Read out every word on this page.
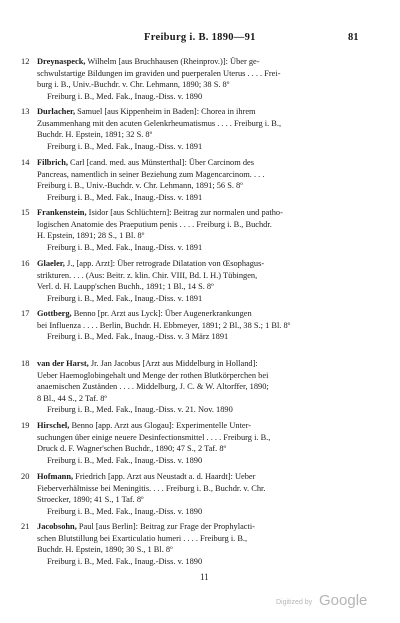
Freiburg i. B. 1890—91	81
12 Dreynaspeck, Wilhelm [aus Bruchhausen (Rheinprov.)]: Über ge-
schwulstartige Bildungen im graviden und puerperalen Uterus . . . . Frei-
burg i. B., Univ.-Buchdr. v. Chr. Lehmann, 1890; 38 S. 8º
Freiburg i. B., Med. Fak., Inaug.-Diss. v. 1890
13 Durlacher, Samuel [aus Kippenheim in Baden]: Chorea in ihrem
Zusammenhang mit den acuten Gelenkrheumatismus . . . . Freiburg i. B.,
Buchdr. H. Epstein, 1891; 32 S. 8º
Freiburg i. B., Med. Fak., Inaug.-Diss. v. 1891
14 Filbrich, Carl [cand. med. aus Münsterthal]: Über Carcinom des
Pancreas, namentlich in seiner Beziehung zum Magencarcinom. . . .
Freiburg i. B., Univ.-Buchdr. v. Chr. Lehmann, 1891; 56 S. 8º
Freiburg i. B., Med. Fak., Inaug.-Diss. v. 1891
15 Frankenstein, Isidor [aus Schlüchtern]: Beitrag zur normalen und patho-
logischen Anatomie des Praeputium penis . . . . Freiburg i. B., Buchdr.
H. Epstein, 1891; 28 S., 1 Bl. 8º
Freiburg i. B., Med. Fak., Inaug.-Diss. v. 1891
16 Glaeler, J., [app. Arzt]: Über retrograde Dilatation von Œsophagus-
strikturen. . . . (Aus: Beitr. z. klin. Chir. VIII, Bd. I. H.) Tübingen,
Verl. d. H. Laupp'schen Buchh., 1891; 1 Bl., 14 S. 8º
Freiburg i. B., Med. Fak., Inaug.-Diss. v. 1891
17 Gottberg, Benno [pr. Arzt aus Lyck]: Über Augenerkrankungen
bei Influenza . . . . Berlin, Buchdr. H. Ebbmeyer, 1891; 2 Bl., 38 S.; 1 Bl. 8º
Freiburg i. B., Med. Fak., Inaug.-Diss. v. 3 März 1891
18 van der Harst, Jr. Jan Jacobus [Arzt aus Middelburg in Holland]:
Ueber Haemoglobingehalt und Menge der rothen Blutkörperchen bei
anaemischen Zuständen . . . . Middelburg, J. C. & W. Altorffer, 1890;
8 Bl., 44 S., 2 Taf. 8º
Freiburg i. B., Med. Fak., Inaug.-Diss. v. 21. Nov. 1890
19 Hirschel, Benno [app. Arzt aus Glogau]: Experimentelle Unter-
suchungen über einige neuere Desinfectionsmittel . . . . Freiburg i. B.,
Druck d. F. Wagner'schen Buchdr., 1890; 47 S., 2 Taf. 8º
Freiburg i. B., Med. Fak., Inaug.-Diss. v. 1890
20 Hofmann, Friedrich [app. Arzt aus Neustadt a. d. Haardt]: Ueber
Fieberverhältnisse bei Meningitis. . . . Freiburg i. B., Buchdr. v. Chr.
Stroecker, 1890; 41 S., 1 Taf. 8º
Freiburg i. B., Med. Fak., Inaug.-Diss. v. 1890
21 Jacobsohn, Paul [aus Berlin]: Beitrag zur Frage der Prophylacti-
schen Blutstillung bei Exarticulatio humeri . . . . Freiburg i. B.,
Buchdr. H. Epstein, 1890; 30 S., 1 Bl. 8º
Freiburg i. B., Med. Fak., Inaug.-Diss. v. 1890
11
Digitized by Google
